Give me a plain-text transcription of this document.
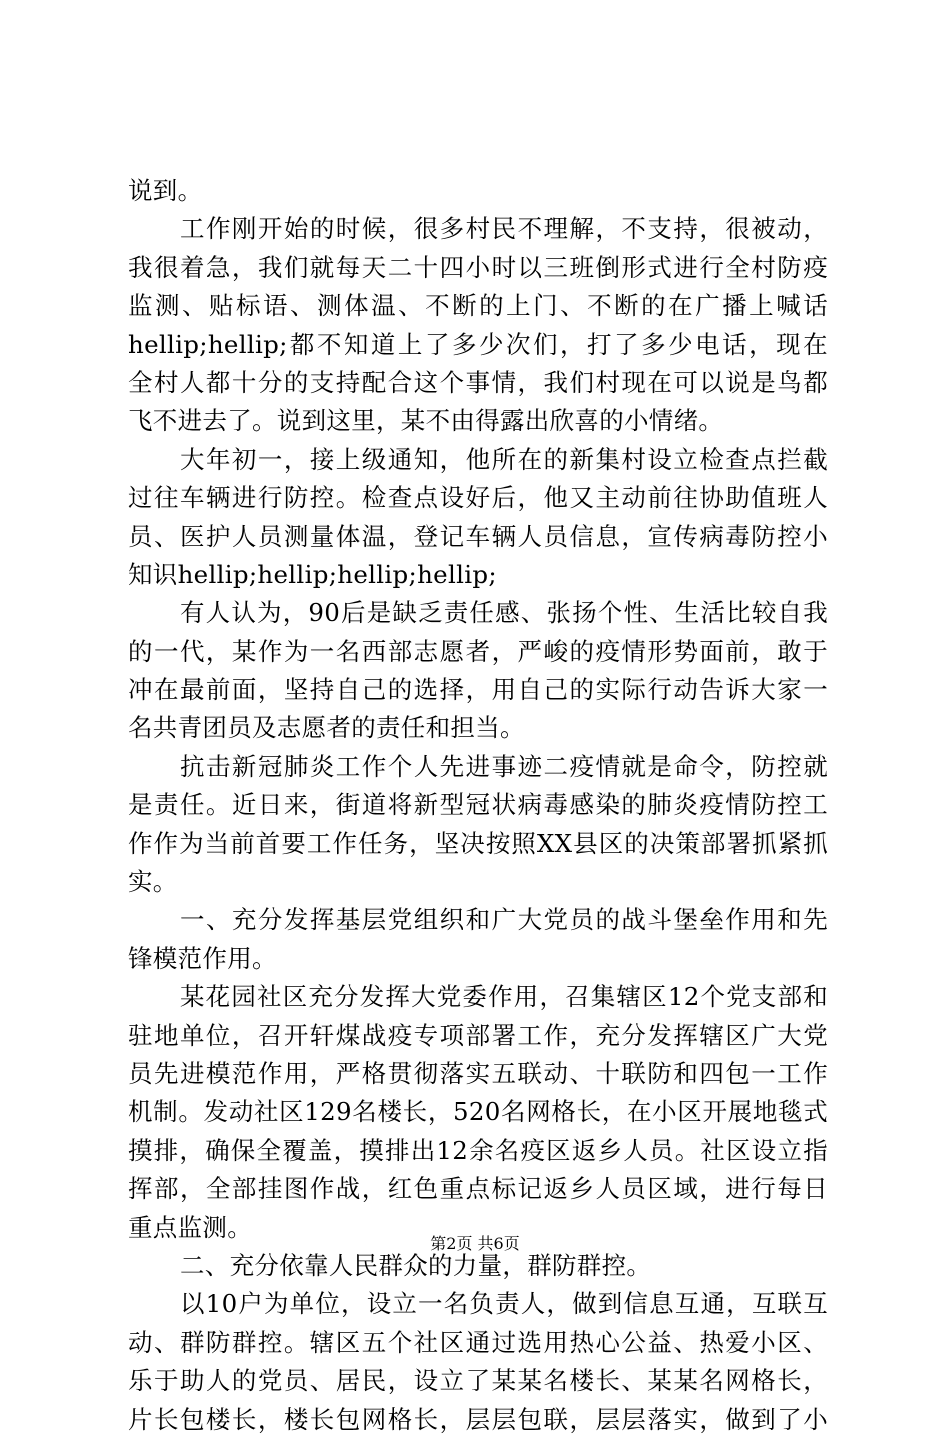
说到。
工作刚开始的时候，很多村民不理解，不支持，很被动，
我很着急，我们就每天二十四小时以三班倒形式进行全村防疫
监测、贴标语、测体温、不断的上门、不断的在广播上喊话
hellip;hellip;都不知道上了多少次们，打了多少电话，现在
全村人都十分的支持配合这个事情，我们村现在可以说是鸟都
飞不进去了。说到这里，某不由得露出欣喜的小情绪。
大年初一，接上级通知，他所在的新集村设立检查点拦截
过往车辆进行防控。检查点设好后，他又主动前往协助值班人
员、医护人员测量体温，登记车辆人员信息，宣传病毒防控小
知识hellip;hellip;hellip;hellip;
有人认为，90后是缺乏责任感、张扬个性、生活比较自我
的一代，某作为一名西部志愿者，严峻的疫情形势面前，敢于
冲在最前面，坚持自己的选择，用自己的实际行动告诉大家一
名共青团员及志愿者的责任和担当。
抗击新冠肺炎工作个人先进事迹二疫情就是命令，防控就
是责任。近日来，街道将新型冠状病毒感染的肺炎疫情防控工
作作为当前首要工作任务，坚决按照XX县区的决策部署抓紧抓
实。
一、充分发挥基层党组织和广大党员的战斗堡垒作用和先
锋模范作用。
某花园社区充分发挥大党委作用，召集辖区12个党支部和
驻地单位，召开轩煤战疫专项部署工作，充分发挥辖区广大党
员先进模范作用，严格贯彻落实五联动、十联防和四包一工作
机制。发动社区129名楼长，520名网格长，在小区开展地毯式
摸排，确保全覆盖，摸排出12余名疫区返乡人员。社区设立指
挥部，全部挂图作战，红色重点标记返乡人员区域，进行每日
重点监测。
二、充分依靠人民群众的力量，群防群控。
以10户为单位，设立一名负责人，做到信息互通，互联互
动、群防群控。辖区五个社区通过选用热心公益、热爱小区、
乐于助人的党员、居民，设立了某某名楼长、某某名网格长，
片长包楼长，楼长包网格长，层层包联，层层落实，做到了小
第2页 共6页
